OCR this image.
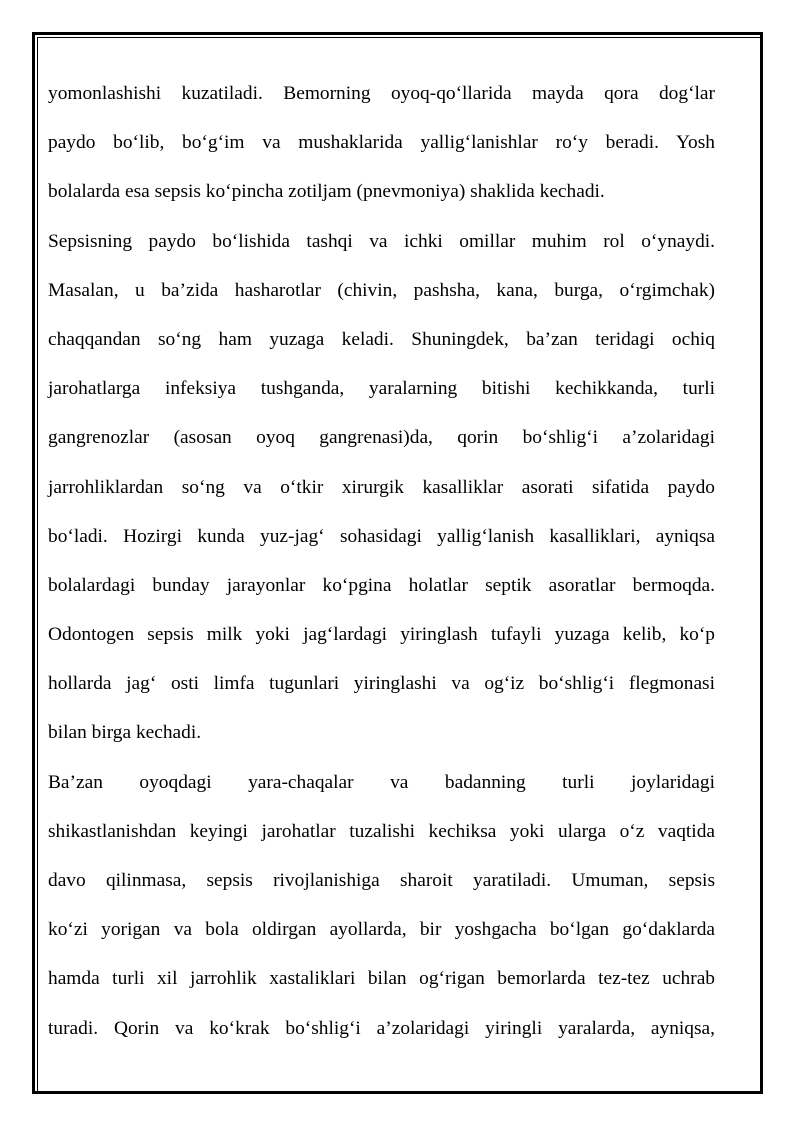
yomonlashishi kuzatiladi. Bemorning oyoq-qo‘llarida mayda qora dog‘lar
paydo bo‘lib, bo‘g‘im va mushaklarida yallig‘lanishlar ro‘y beradi. Yosh
bolalarda esa sepsis ko‘pincha zotiljam (pnevmoniya) shaklida kechadi.
Sepsisning paydo bo‘lishida tashqi va ichki omillar muhim rol o‘ynaydi.
Masalan, u ba’zida hasharotlar (chivin, pashsha, kana, burga, o‘rgimchak)
chaqqandan so‘ng ham yuzaga keladi. Shuningdek, ba’zan teridagi ochiq
jarohatlarga infeksiya tushganda, yaralarning bitishi kechikkanda, turli
gangrenozlar (asosan oyoq gangrenasi)da, qorin bo‘shlig‘i a’zolaridagi
jarrohliklardan so‘ng va o‘tkir xirurgik kasalliklar asorati sifatida paydo
bo‘ladi. Hozirgi kunda yuz-jag‘ sohasidagi yallig‘lanish kasalliklari, ayniqsa
bolalardagi bunday jarayonlar ko‘pgina holatlar septik asoratlar bermoqda.
Odontogen sepsis milk yoki jag‘lardagi yiringlash tufayli yuzaga kelib, ko‘p
hollarda jag‘ osti limfa tugunlari yiringlashi va og‘iz bo‘shlig‘i flegmonasi
bilan birga kechadi.
Ba’zan oyoqdagi yara-chaqalar va badanning turli joylaridagi
shikastlanishdan keyingi jarohatlar tuzalishi kechiksa yoki ularga o‘z vaqtida
davo qilinmasa, sepsis rivojlanishiga sharoit yaratiladi. Umuman, sepsis
ko‘zi yorigan va bola oldirgan ayollarda, bir yoshgacha bo‘lgan go‘daklarda
hamda turli xil jarrohlik xastaliklari bilan og‘rigan bemorlarda tez-tez uchrab
turadi. Qorin va ko‘krak bo‘shlig‘i a’zolaridagi yiringli yaralarda, ayniqsa,
